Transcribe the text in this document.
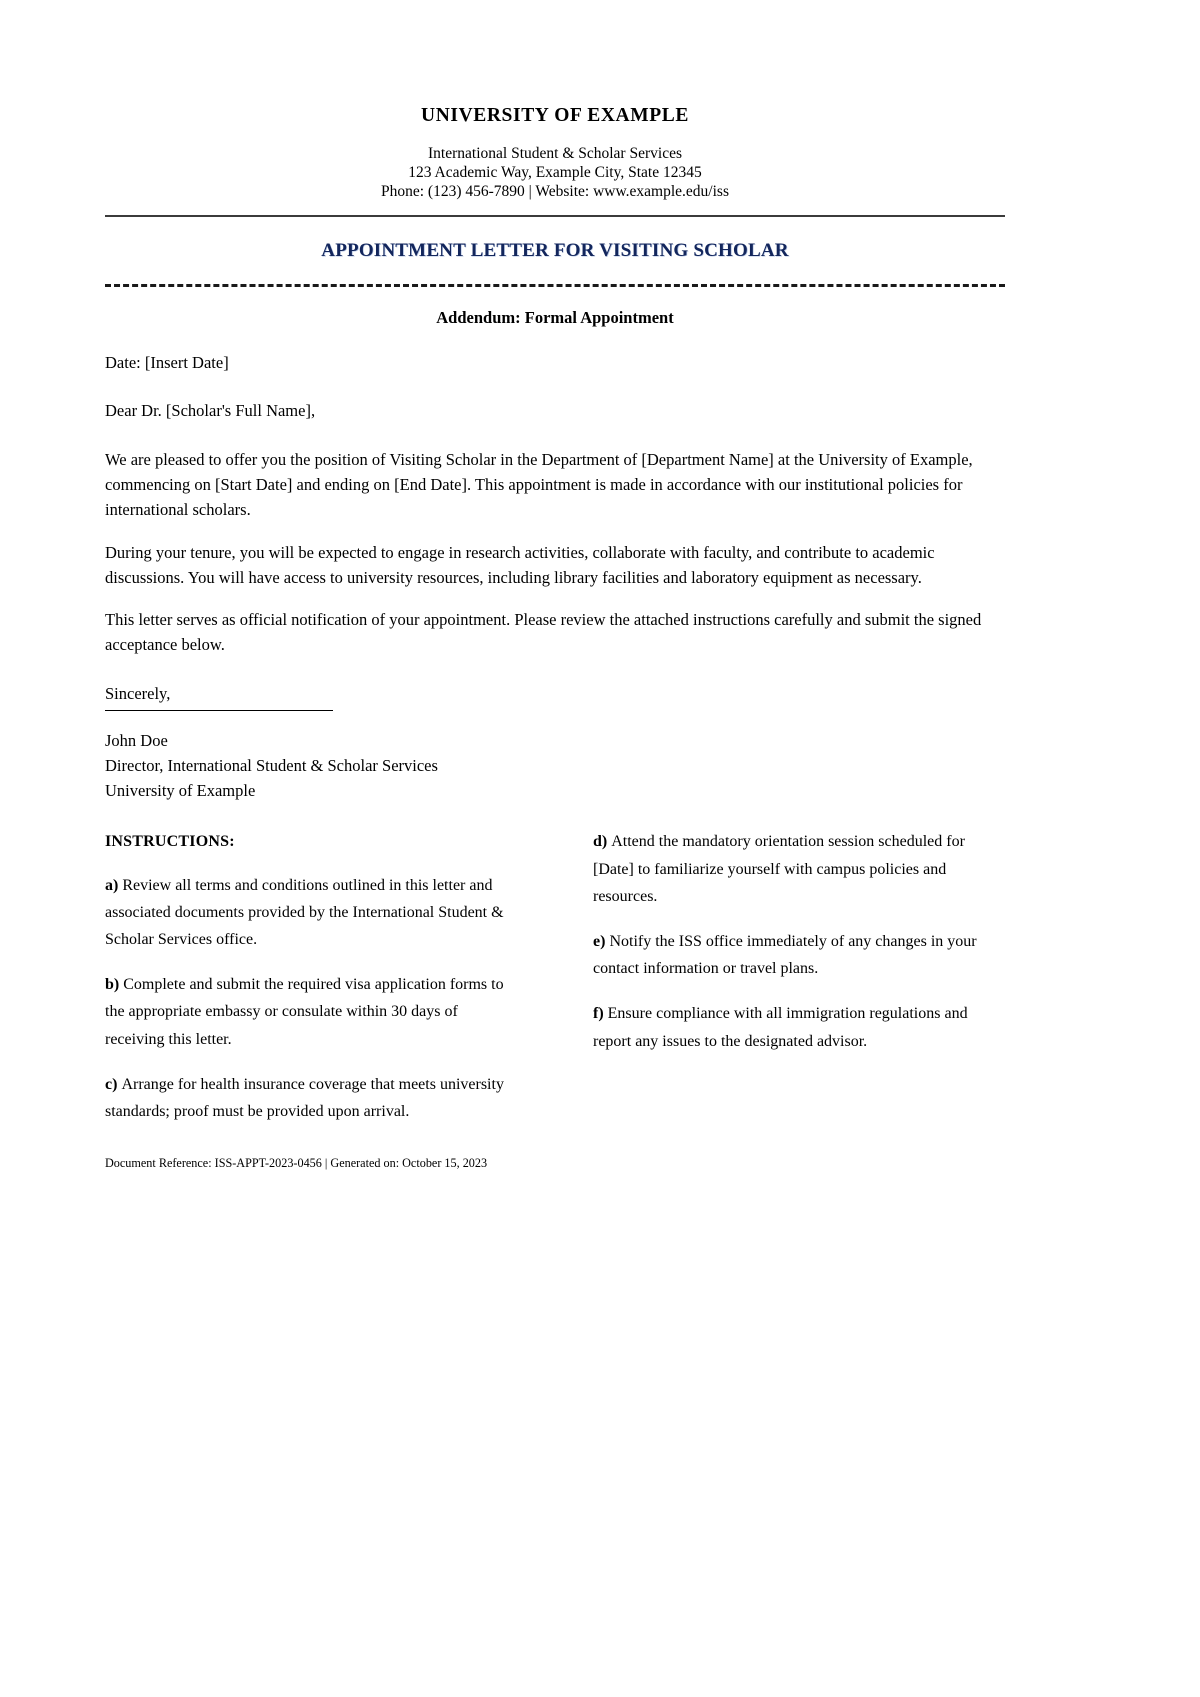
UNIVERSITY OF EXAMPLE
International Student & Scholar Services
123 Academic Way, Example City, State 12345
Phone: (123) 456-7890 | Website: www.example.edu/iss
APPOINTMENT LETTER FOR VISITING SCHOLAR
Addendum: Formal Appointment
Date: [Insert Date]
Dear Dr. [Scholar's Full Name],

We are pleased to offer you the position of Visiting Scholar in the Department of [Department Name] at the University of Example, commencing on [Start Date] and ending on [End Date]. This appointment is made in accordance with our institutional policies for international scholars.

During your tenure, you will be expected to engage in research activities, collaborate with faculty, and contribute to academic discussions. You will have access to university resources, including library facilities and laboratory equipment as necessary.

This letter serves as official notification of your appointment. Please review the attached instructions carefully and submit the signed acceptance below.

Sincerely,
John Doe
Director, International Student & Scholar Services
University of Example
INSTRUCTIONS:

a) Review all terms and conditions outlined in this letter and associated documents provided by the International Student & Scholar Services office.

b) Complete and submit the required visa application forms to the appropriate embassy or consulate within 30 days of receiving this letter.

c) Arrange for health insurance coverage that meets university standards; proof must be provided upon arrival.

d) Attend the mandatory orientation session scheduled for [Date] to familiarize yourself with campus policies and resources.

e) Notify the ISS office immediately of any changes in your contact information or travel plans.

f) Ensure compliance with all immigration regulations and report any issues to the designated advisor.

Document Reference: ISS-APPT-2023-0456 | Generated on: October 15, 2023
